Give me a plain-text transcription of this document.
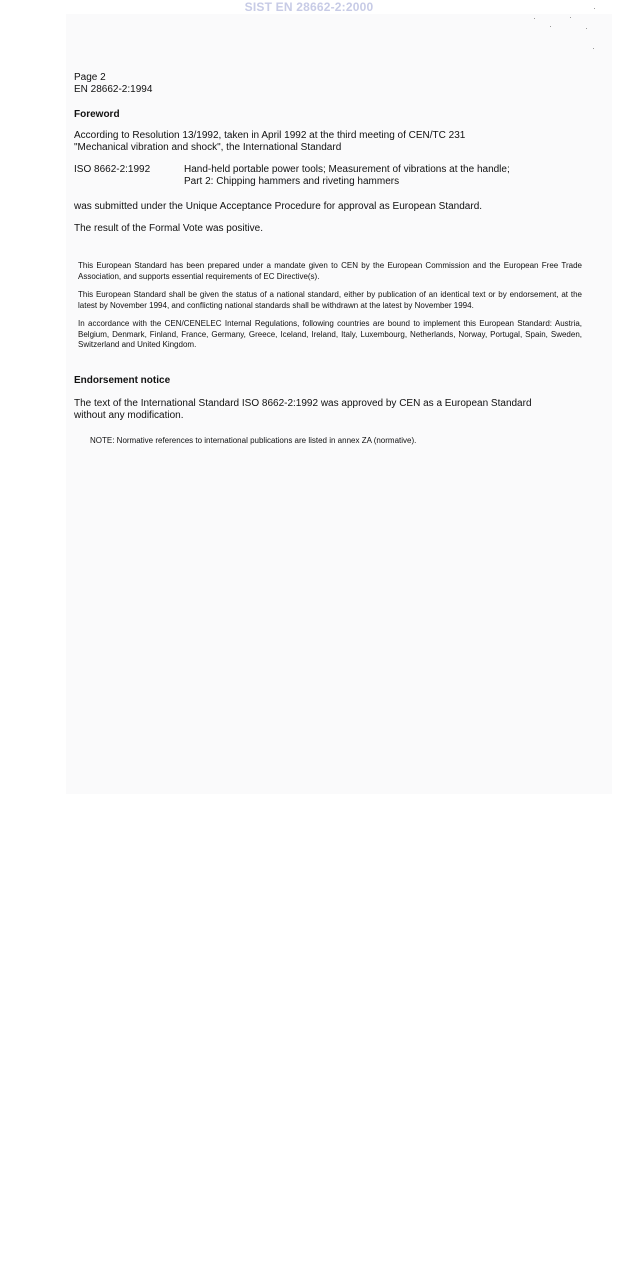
SIST EN 28662-2:2000
Page 2
EN 28662-2:1994
Foreword
According to Resolution 13/1992, taken in April 1992 at the third meeting of CEN/TC 231
"Mechanical vibration and shock", the International Standard
ISO 8662-2:1992	Hand-held portable power tools; Measurement of vibrations at the handle;
Part 2: Chipping hammers and riveting hammers
was submitted under the Unique Acceptance Procedure for approval as European Standard.
The result of the Formal Vote was positive.

This European Standard has been prepared under a mandate given to CEN by the European Commission and the European Free Trade Association, and supports essential requirements of EC Directive(s).

This European Standard shall be given the status of a national standard, either by publication of an identical text or by endorsement, at the latest by November 1994, and conflicting national standards shall be withdrawn at the latest by November 1994.

In accordance with the CEN/CENELEC Internal Regulations, following countries are bound to implement this European Standard: Austria, Belgium, Denmark, Finland, France, Germany, Greece, Iceland, Ireland, Italy, Luxembourg, Netherlands, Norway, Portugal, Spain, Sweden, Switzerland and United Kingdom.

Endorsement notice
The text of the International Standard ISO 8662-2:1992 was approved by CEN as a European Standard without any modification.
NOTE: Normative references to international publications are listed in annex ZA (normative).
